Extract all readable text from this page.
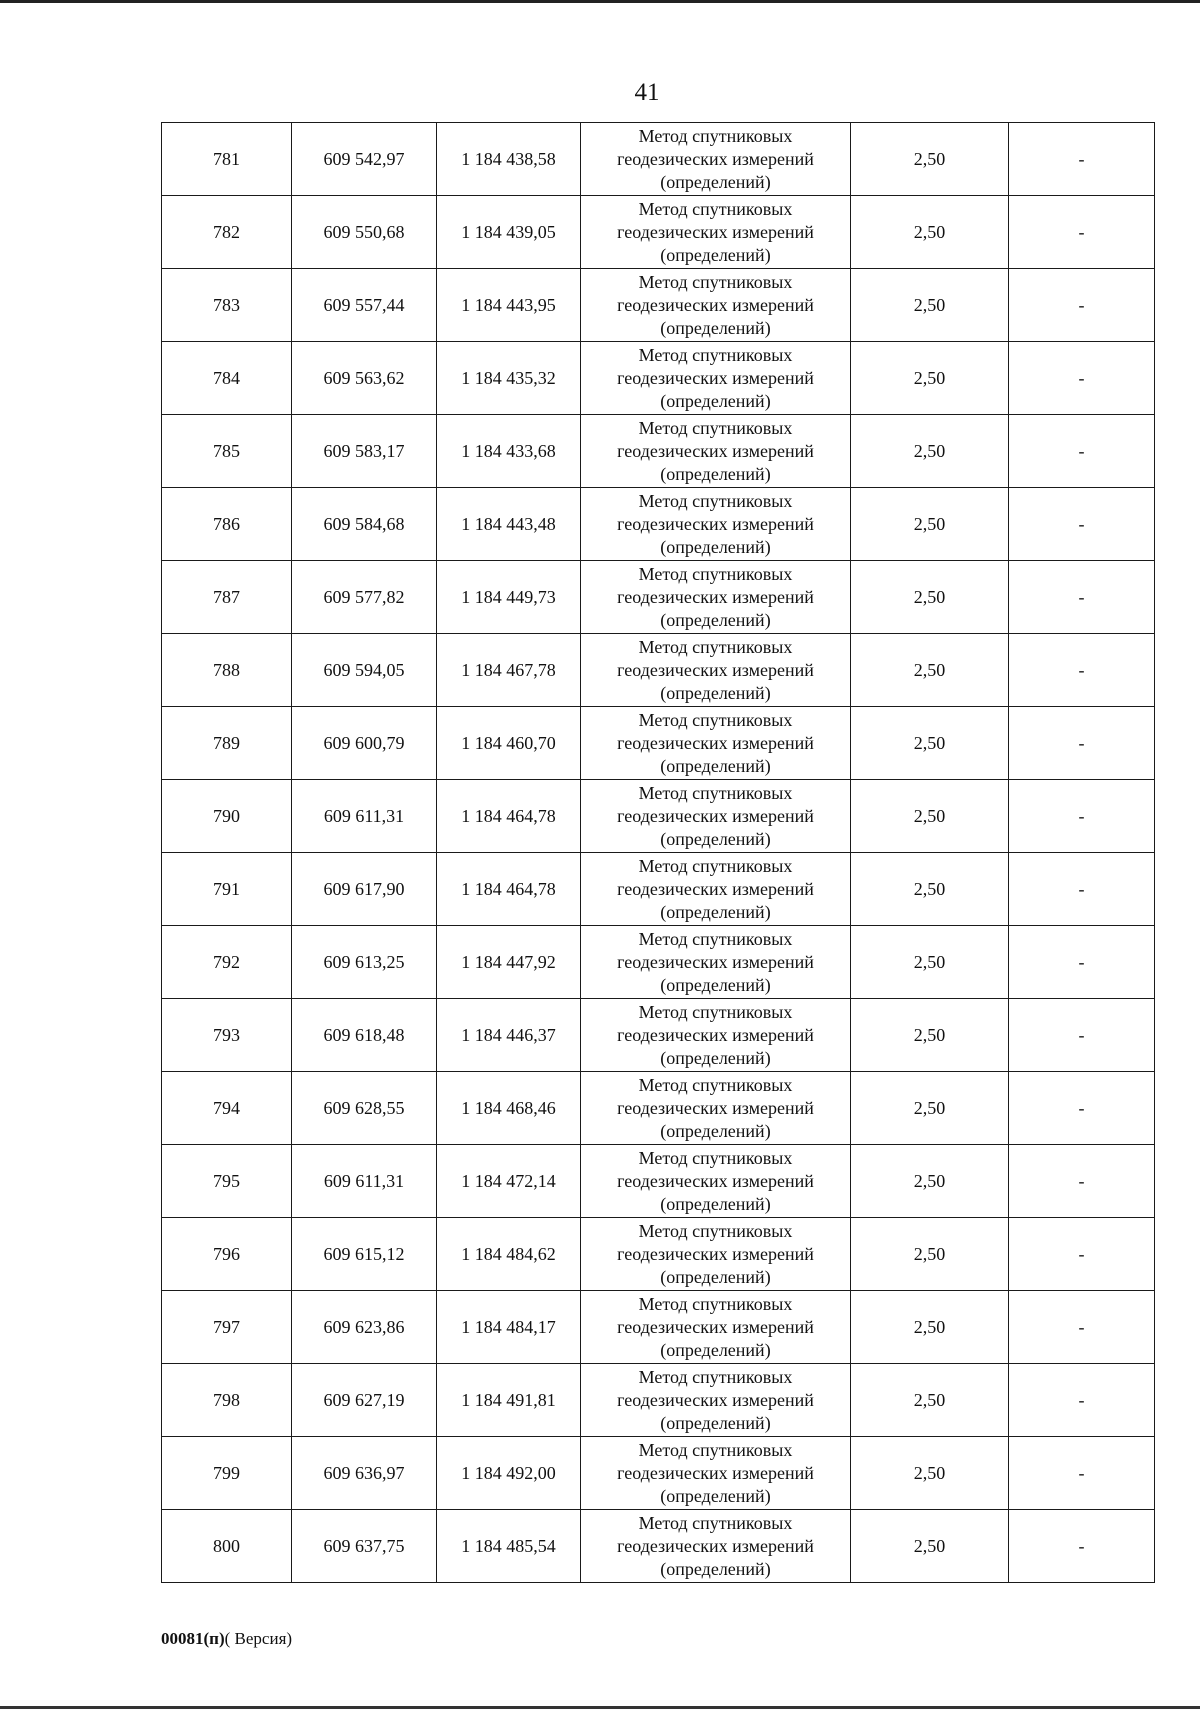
41
781	609 542,97	1 184 438,58	Метод спутниковых
геодезических измерений
(определений)	2,50	-
782	609 550,68	1 184 439,05	Метод спутниковых
геодезических измерений
(определений)	2,50	-
783	609 557,44	1 184 443,95	Метод спутниковых
геодезических измерений
(определений)	2,50	-
784	609 563,62	1 184 435,32	Метод спутниковых
геодезических измерений
(определений)	2,50	-
785	609 583,17	1 184 433,68	Метод спутниковых
геодезических измерений
(определений)	2,50	-
786	609 584,68	1 184 443,48	Метод спутниковых
геодезических измерений
(определений)	2,50	-
787	609 577,82	1 184 449,73	Метод спутниковых
геодезических измерений
(определений)	2,50	-
788	609 594,05	1 184 467,78	Метод спутниковых
геодезических измерений
(определений)	2,50	-
789	609 600,79	1 184 460,70	Метод спутниковых
геодезических измерений
(определений)	2,50	-
790	609 611,31	1 184 464,78	Метод спутниковых
геодезических измерений
(определений)	2,50	-
791	609 617,90	1 184 464,78	Метод спутниковых
геодезических измерений
(определений)	2,50	-
792	609 613,25	1 184 447,92	Метод спутниковых
геодезических измерений
(определений)	2,50	-
793	609 618,48	1 184 446,37	Метод спутниковых
геодезических измерений
(определений)	2,50	-
794	609 628,55	1 184 468,46	Метод спутниковых
геодезических измерений
(определений)	2,50	-
795	609 611,31	1 184 472,14	Метод спутниковых
геодезических измерений
(определений)	2,50	-
796	609 615,12	1 184 484,62	Метод спутниковых
геодезических измерений
(определений)	2,50	-
797	609 623,86	1 184 484,17	Метод спутниковых
геодезических измерений
(определений)	2,50	-
798	609 627,19	1 184 491,81	Метод спутниковых
геодезических измерений
(определений)	2,50	-
799	609 636,97	1 184 492,00	Метод спутниковых
геодезических измерений
(определений)	2,50	-
800	609 637,75	1 184 485,54	Метод спутниковых
геодезических измерений
(определений)	2,50	-
00081(п)( Версия)
